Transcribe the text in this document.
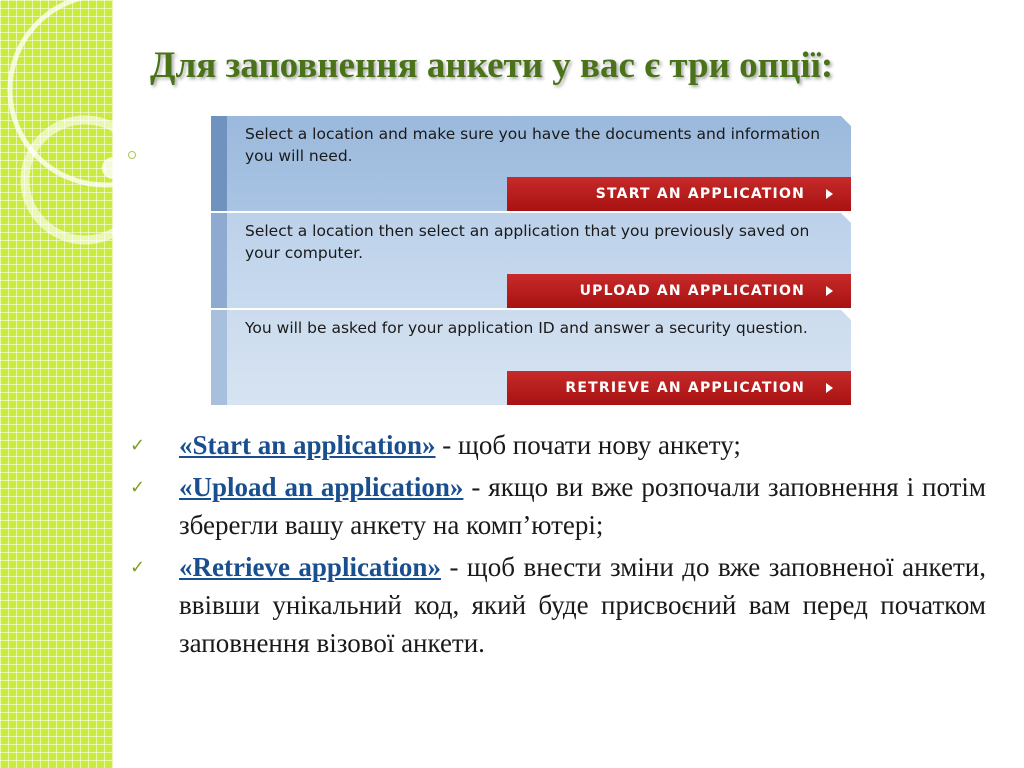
Для заповнення анкети у вас є три опції:
Select a location and make sure you have the documents and information you will need.
START AN APPLICATION
Select a location then select an application that you previously saved on your computer.
UPLOAD AN APPLICATION
You will be asked for your application ID and answer a security question.
RETRIEVE AN APPLICATION
✓ «Start an application» - щоб почати нову анкету;
✓ «Upload an application» - якщо ви вже розпочали заповнення і потім зберегли вашу анкету на комп’ютері;
✓ «Retrieve application» - щоб внести зміни до вже заповненої анкети, ввівши унікальний код, який буде присвоєний вам перед початком заповнення візової анкети.
